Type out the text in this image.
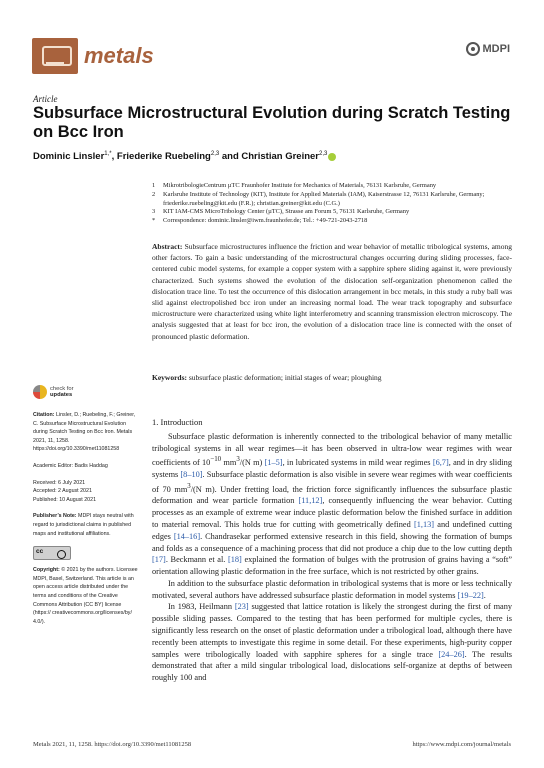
metals	MDPI
Article
Subsurface Microstructural Evolution during Scratch Testing on Bcc Iron
Dominic Linsler$^{1,*}$, Friederike Ruebeling$^{2,3}$ and Christian Greiner$^{2,3}$
1	MikrotribologieCentrum µTC Fraunhofer Institute for Mechanics of Materials, 76131 Karlsruhe, Germany
2	Karlsruhe Institute of Technology (KIT), Institute for Applied Materials (IAM), Kaiserstrasse 12, 76131 Karlsruhe, Germany; friederike.ruebeling@kit.edu (F.R.); christian.greiner@kit.edu (C.G.)
3	KIT IAM-CMS MicroTribology Center (µTC), Strasse am Forum 5, 76131 Karlsruhe, Germany
*	Correspondence: dominic.linsler@iwm.fraunhofer.de; Tel.: +49-721-2043-2718
Abstract: Subsurface microstructures influence the friction and wear behavior of metallic tribological systems, among other factors. To gain a basic understanding of the microstructural changes occurring during sliding processes, face-centered cubic model systems, for example a copper system with a sapphire sphere sliding against it, were previously characterized. Such systems showed the evolution of the dislocation self-organization phenomenon called the dislocation trace line. To test the occurrence of this dislocation arrangement in bcc metals, in this study a ruby ball was slid against electropolished bcc iron under an increasing normal load. The wear track topography and subsurface microstructure were characterized using white light interferometry and scanning transmission electron microscopy. The analysis suggested that at least for bcc iron, the evolution of a dislocation trace line is connected with the onset of pronounced plastic deformation.
Keywords: subsurface plastic deformation; initial stages of wear; ploughing
check for
updates
Citation: Linsler, D.; Ruebeling, F.; Greiner, C. Subsurface Microstructural Evolution during Scratch Testing on Bcc Iron. Metals 2021, 11, 1258. https://doi.org/10.3390/met11081258
Academic Editor: Badis Haddag
Received: 6 July 2021
Accepted: 2 August 2021
Published: 10 August 2021
Publisher’s Note: MDPI stays neutral with regard to jurisdictional claims in published maps and institutional affiliations.
cc
Copyright: © 2021 by the authors. Licensee MDPI, Basel, Switzerland. This article is an open access article distributed under the terms and conditions of the Creative Commons Attribution (CC BY) license (https:// creativecommons.org/licenses/by/ 4.0/).
1. Introduction

Subsurface plastic deformation is inherently connected to the tribological behavior of many metallic tribological systems in all wear regimes—it has been observed in ultra-low wear regimes with wear coefficients of $10^{-10}$ $mm^3/(N$ m) [1–5], in lubricated systems in mild wear regimes [6,7], and in dry sliding systems [8–10]. Subsurface plastic deformation is also visible in severe wear regimes with wear coefficients of 70 $mm^3/(N$ m). Under fretting load, the friction force significantly influences the subsurface plastic deformation and wear particle formation [11,12], consequently influencing the wear behavior. Cutting processes as an example of extreme wear induce plastic deformation below the finished surface in addition to material removal. This holds true for cutting with geometrically defined [1,13] and undefined cutting edges [14–16]. Chandrasekar performed extensive research in this field, showing the formation of bumps and folds as a consequence of a machining process that did not produce a chip due to the low cutting depth [17]. Beckmann et al. [18] explained the formation of bulges with the protrusion of grains having a “soft” orientation allowing plastic deformation in the free surface, which is not restricted by other grains.

In addition to the subsurface plastic deformation in tribological systems that is more or less technically motivated, several authors have addressed subsurface plastic deformation in model systems [19–22].

In 1983, Heilmann [23] suggested that lattice rotation is likely the strongest during the first of many possible sliding passes. Compared to the testing that has been performed for multiple cycles, there is significantly less research on the onset of plastic deformation under a tribological load, although there have recently been attempts to investigate this regime in some detail. For these experiments, high-purity copper samples were tribologically loaded with sapphire spheres for a single trace [24–26]. The results demonstrated that after a mild singular tribological load, dislocations self-organize at depths of between roughly 100 and

Metals 2021, 11, 1258. https://doi.org/10.3390/met11081258	https://www.mdpi.com/journal/metals
